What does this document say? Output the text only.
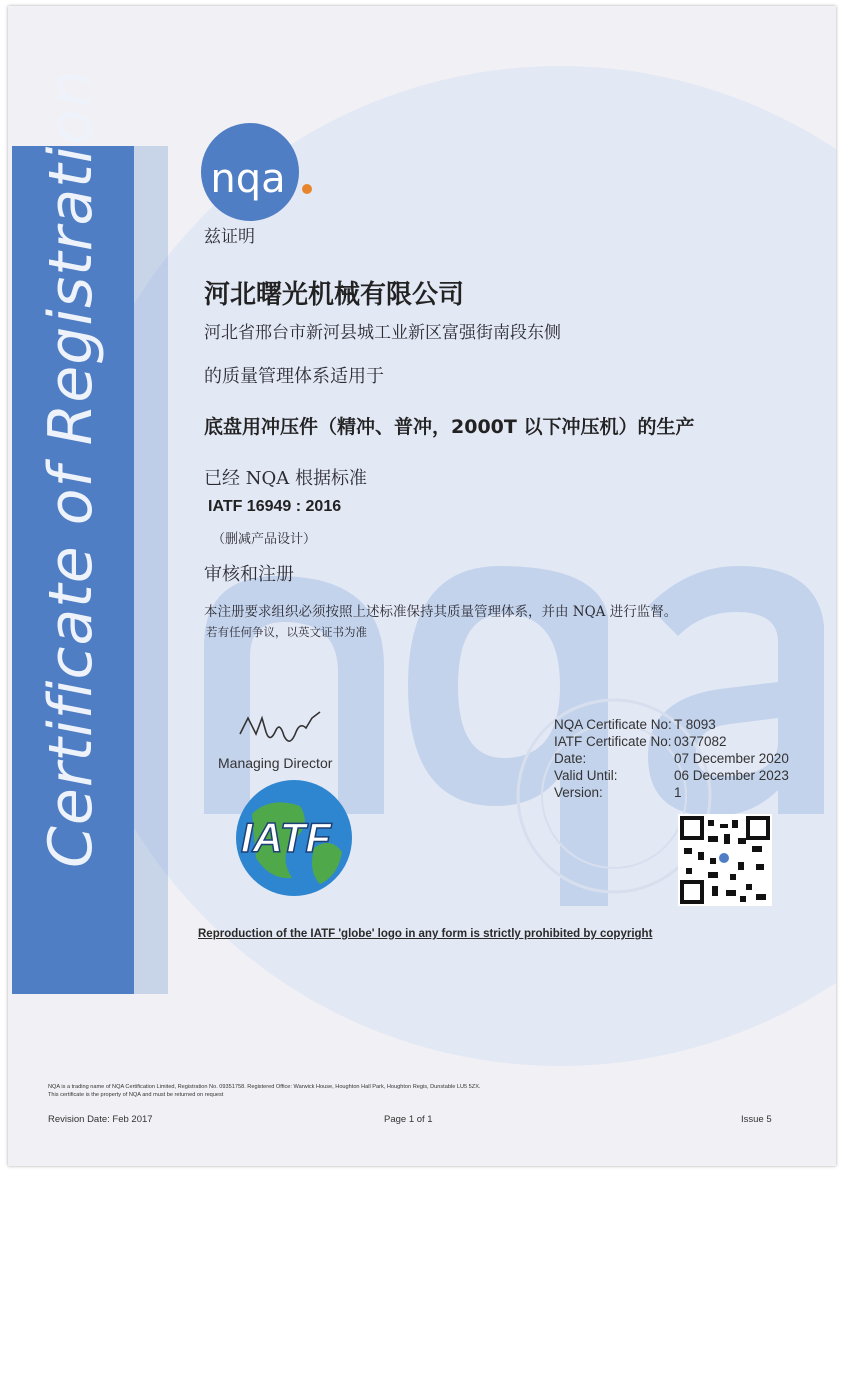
nqa
IATF
Certificate of Registration	兹证明

河北曙光机械有限公司

河北省邢台市新河县城工业新区富强街南段东侧

的质量管理体系适用于

底盘用冲压件（精冲、普冲，2000T 以下冲压机）的生产

已经 NQA 根据标准

IATF 16949 : 2016

（删减产品设计）

审核和注册

本注册要求组织必须按照上述标准保持其质量管理体系，并由 NQA 进行监督。

若有任何争议，以英文证书为准

Managing Director

NQA Certificate No: T 8093
IATF Certificate No: 0377082
Date:	07 December 2020
Valid Until:	06 December 2023
Version:	1

Reproduction of the IATF 'globe' logo in any form is strictly prohibited by copyright

NQA is a trading name of NQA Certification Limited, Registration No. 09351758. Registered Office: Warwick House, Houghton Hall Park, Houghton Regis, Dunstable LU5 5ZX.

This certificate is the property of NQA and must be returned on request

Revision Date: Feb 2017	Page 1 of 1	Issue 5
